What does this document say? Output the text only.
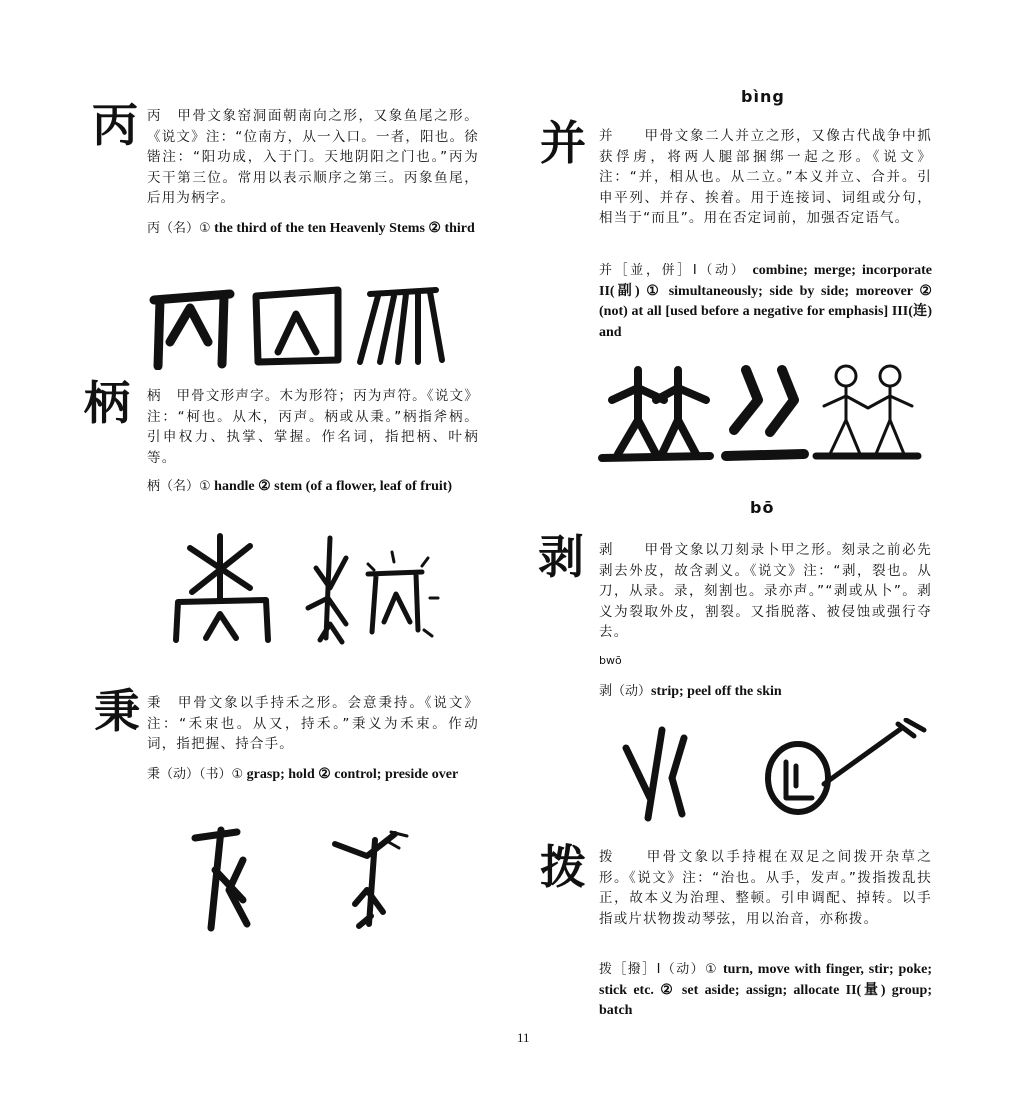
丙 丙　甲骨文象窑洞面朝南向之形，又象鱼尾之形。《说文》注：“位南方，从一入口。一者，阳也。徐锴注：“阳功成，入于门。天地阴阳之门也。”丙为天干第三位。常用以表示顺序之第三。丙象鱼尾，后用为柄字。
丙（名）① the third of the ten Heavenly Stems ② third
柄 柄　甲骨文形声字。木为形符；丙为声符。《说文》注：“柯也。从木，丙声。柄或从秉。”柄指斧柄。引申权力、执掌、掌握。作名词，指把柄、叶柄等。
柄（名）① handle ② stem (of a flower, leaf of fruit)
秉 秉　甲骨文象以手持禾之形。会意秉持。《说文》注：“禾束也。从又，持禾。”秉义为禾束。作动词，指把握、持合手。
秉（动）（书）① grasp; hold ② control; preside over
bìng
并 并　　甲骨文象二人并立之形，又像古代战争中抓获俘虏，将两人腿部捆绑一起之形。《说文》注：“并，相从也。从二立。”本义并立、合并。引申平列、并存、挨着。用于连接词、词组或分句，相当于“而且”。用在否定词前，加强否定语气。
并［並，併］I（动） combine; merge; incorporate II(副) ① simultaneously; side by side; moreover ② (not) at all [used before a negative for emphasis] III(连) and
bō
剥 剥　　甲骨文象以刀刻录卜甲之形。刻录之前必先剥去外皮，故含剥义。《说文》注：“剥，裂也。从刀，从录。录，刻割也。录亦声。”“剥或从卜”。剥义为裂取外皮，割裂。又指脱落、被侵蚀或强行夺去。
bwō
剥（动）strip; peel off the skin
拨 拨　　甲骨文象以手持棍在双足之间拨开杂草之形。《说文》注：“治也。从手，发声。”拨指拨乱扶正，故本义为治理、整顿。引申调配、掉转。以手指或片状物拨动琴弦，用以治音，亦称拨。
拨［撥］I（动）① turn, move with finger, stir; poke; stick etc. ② set aside; assign; allocate II(量) group; batch
11
